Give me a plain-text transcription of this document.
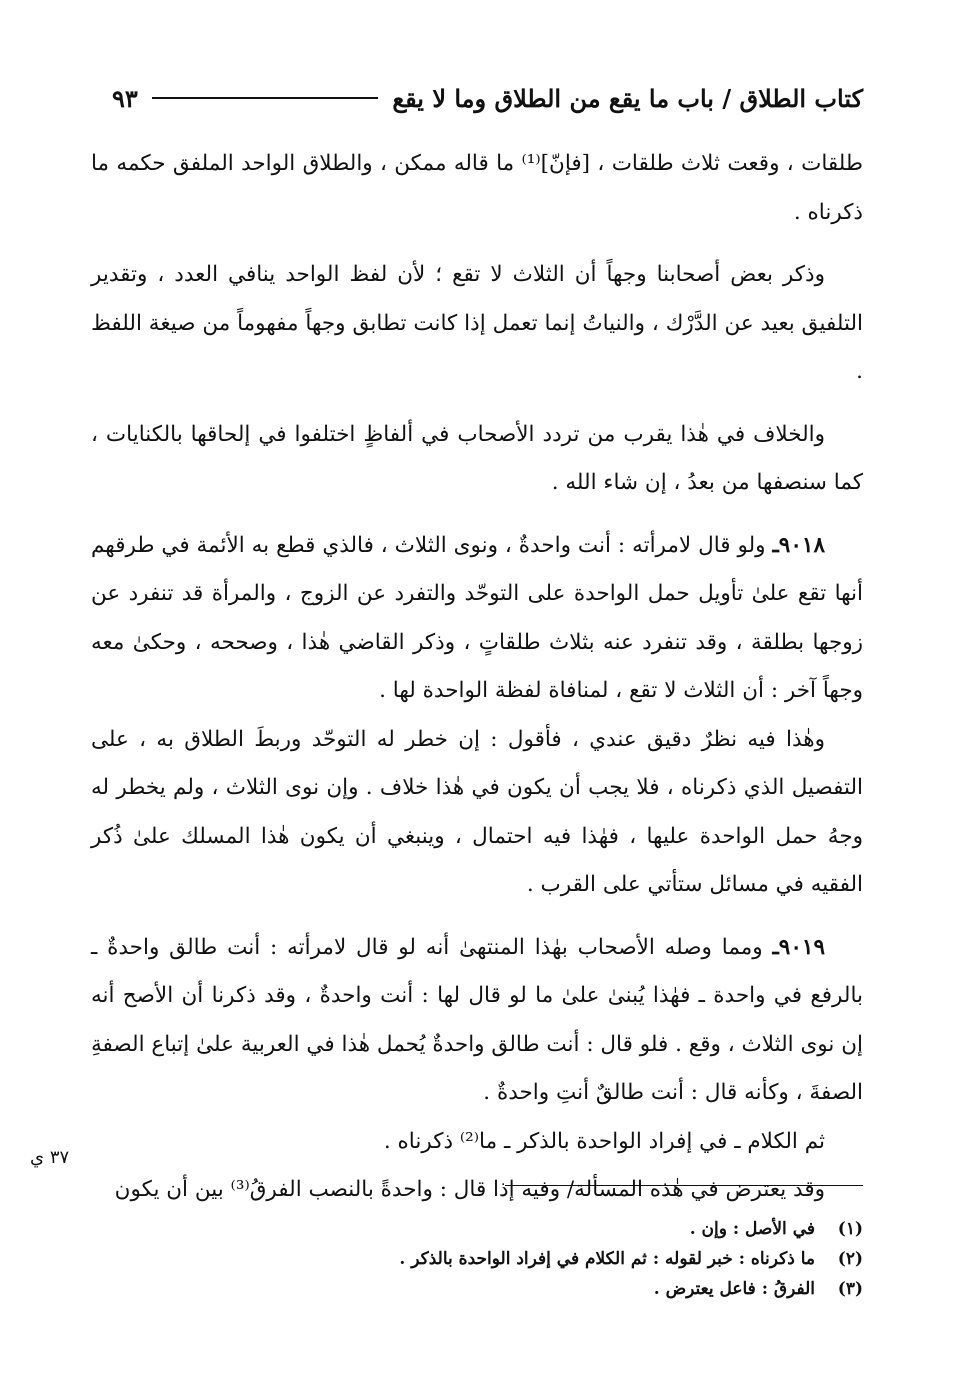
كتاب الطلاق / باب ما يقع من الطلاق وما لا يقع
٩٣

طلقات ، وقعت ثلاث طلقات ، [فإنّ]⁽¹⁾ ما قاله ممكن ، والطلاق الواحد الملفق حكمه ما ذكرناه .

وذكر بعض أصحابنا وجهاً أن الثلاث لا تقع ؛ لأن لفظ الواحد ينافي العدد ، وتقدير التلفيق بعيد عن الدَّرْك ، والنياتُ إنما تعمل إذا كانت تطابق وجهاً مفهوماً من صيغة اللفظ .

والخلاف في هٰذا يقرب من تردد الأصحاب في ألفاظٍ اختلفوا في إلحاقها بالكنايات ، كما سنصفها من بعدُ ، إن شاء الله .

٩٠١٨ـ ولو قال لامرأته : أنت واحدةٌ ، ونوى الثلاث ، فالذي قطع به الأئمة في طرقهم أنها تقع علىٰ تأويل حمل الواحدة على التوحّد والتفرد عن الزوج ، والمرأة قد تنفرد عن زوجها بطلقة ، وقد تنفرد عنه بثلاث طلقاتٍ ، وذكر القاضي هٰذا ، وصححه ، وحكىٰ معه وجهاً آخر : أن الثلاث لا تقع ، لمنافاة لفظة الواحدة لها .

وهٰذا فيه نظرٌ دقيق عندي ، فأقول : إن خطر له التوحّد وربطَ الطلاق به ، على التفصيل الذي ذكرناه ، فلا يجب أن يكون في هٰذا خلاف . وإن نوى الثلاث ، ولم يخطر له وجهُ حمل الواحدة عليها ، فهٰذا فيه احتمال ، وينبغي أن يكون هٰذا المسلك علىٰ ذُكر الفقيه في مسائل ستأتي على القرب .

٩٠١٩ـ ومما وصله الأصحاب بهٰذا المنتهىٰ أنه لو قال لامرأته : أنت طالق واحدةٌ ـ بالرفع في واحدة ـ فهٰذا يُبنىٰ علىٰ ما لو قال لها : أنت واحدةٌ ، وقد ذكرنا أن الأصح أنه إن نوى الثلاث ، وقع . فلو قال : أنت طالق واحدةٌ يُحمل هٰذا في العربية علىٰ إتباع الصفةِ الصفةَ ، وكأنه قال : أنت طالقٌ أنتِ واحدةٌ .

ثم الكلام ـ في إفراد الواحدة بالذكر ـ ما⁽²⁾ ذكرناه .

وقد يعترض في هٰذه المسألة/ وفيه إذا قال : واحدةً بالنصب الفرقُ⁽³⁾ بين أن يكون

٣٧ ي

(١)
في الأصل : وإن .

(٢)
ما ذكرناه : خبر لقوله : ثم الكلام في إفراد الواحدة بالذكر .

(٣)
الفرقُ : فاعل يعترض .
